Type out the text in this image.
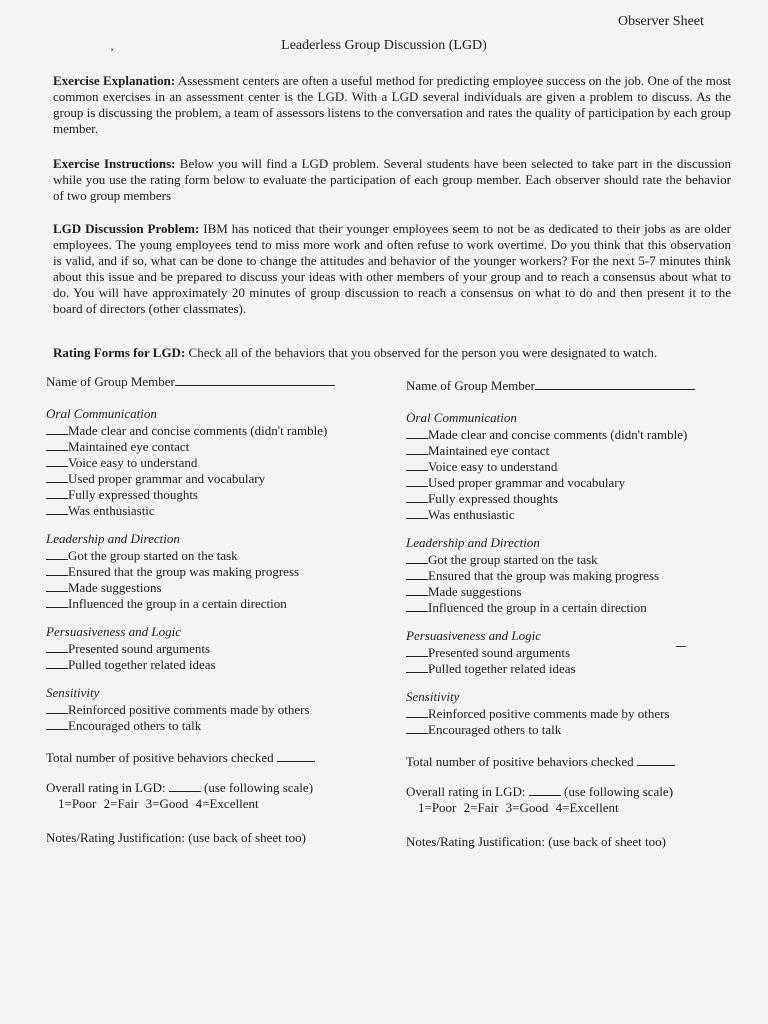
Observer Sheet
’	Leaderless Group Discussion (LGD)
Exercise Explanation: Assessment centers are often a useful method for predicting employee success on the job. One of the most common exercises in an assessment center is the LGD. With a LGD several individuals are given a problem to discuss. As the group is discussing the problem, a team of assessors listens to the conversation and rates the quality of participation by each group member.
Exercise Instructions: Below you will find a LGD problem. Several students have been selected to take part in the discussion while you use the rating form below to evaluate the participation of each group member. Each observer should rate the behavior of two group members
LGD Discussion Problem: IBM has noticed that their younger employees seem to not be as dedicated to their jobs as are older employees. The young employees tend to miss more work and often refuse to work overtime. Do you think that this observation is valid, and if so, what can be done to change the attitudes and behavior of the younger workers? For the next 5-7 minutes think about this issue and be prepared to discuss your ideas with other members of your group and to reach a consensus about what to do. You will have approximately 20 minutes of group discussion to reach a consensus on what to do and then present it to the board of directors (other classmates).
Rating Forms for LGD: Check all of the behaviors that you observed for the person you were designated to watch.
Name of Group Member
Oral Communication
Made clear and concise comments (didn't ramble)
Maintained eye contact
Voice easy to understand
Used proper grammar and vocabulary
Fully expressed thoughts
Was enthusiastic
Leadership and Direction
Got the group started on the task
Ensured that the group was making progress
Made suggestions
Influenced the group in a certain direction
Persuasiveness and Logic
Presented sound arguments
Pulled together related ideas
Sensitivity
Reinforced positive comments made by others
Encouraged others to talk
Total number of positive behaviors checked
Overall rating in LGD:	(use following scale)
1=Poor 2=Fair 3=Good 4=Excellent
Notes/Rating Justification: (use back of sheet too)
Name of Group Member
Oral Communication
Made clear and concise comments (didn't ramble)
Maintained eye contact
Voice easy to understand
Used proper grammar and vocabulary
Fully expressed thoughts
Was enthusiastic
Leadership and Direction
Got the group started on the task
Ensured that the group was making progress
Made suggestions
Influenced the group in a certain direction
Persuasiveness and Logic
Presented sound arguments
Pulled together related ideas
Sensitivity
Reinforced positive comments made by others
Encouraged others to talk
Total number of positive behaviors checked
Overall rating in LGD:	(use following scale)
1=Poor 2=Fair 3=Good 4=Excellent
Notes/Rating Justification: (use back of sheet too)
